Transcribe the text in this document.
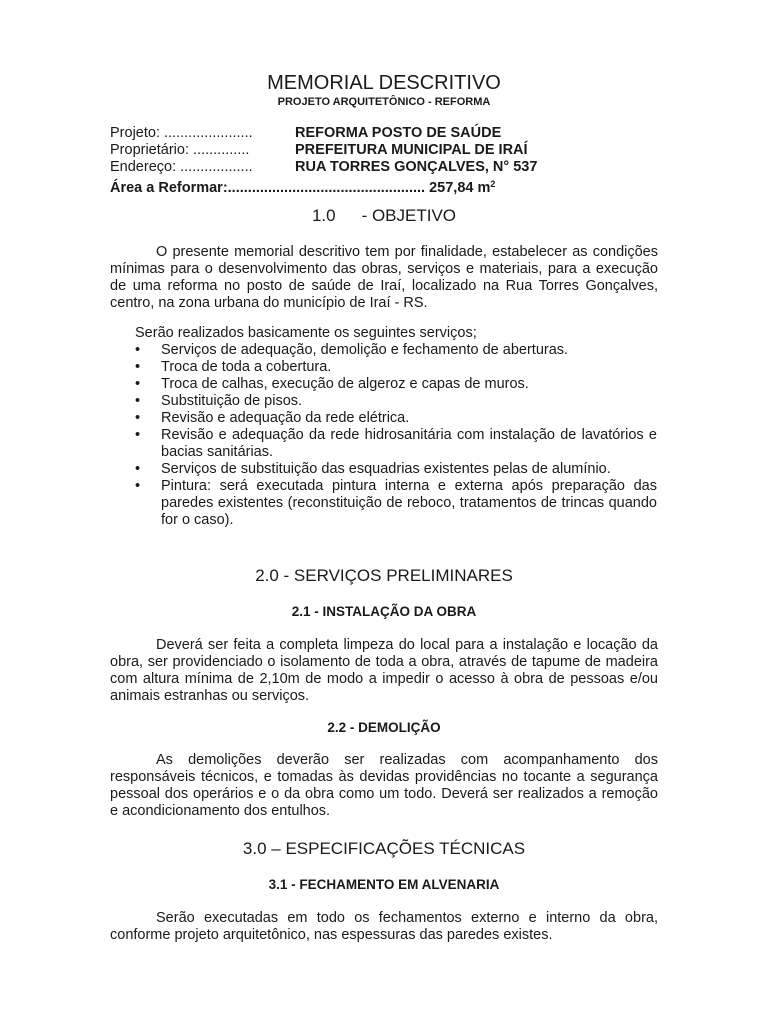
MEMORIAL DESCRITIVO
PROJETO ARQUITETÔNICO - REFORMA
Projeto: ......................	REFORMA POSTO DE SAÚDE
Proprietário: ..............	PREFEITURA MUNICIPAL DE IRAÍ
Endereço: ..................	RUA TORRES GONÇALVES, N° 537
Área a Reformar:................................................. 257,84 $m^2$
1.0 - OBJETIVO
O presente memorial descritivo tem por finalidade, estabelecer as condições
mínimas para o desenvolvimento das obras, serviços e materiais, para a execução
de uma reforma no posto de saúde de Iraí, localizado na Rua Torres Gonçalves,
centro, na zona urbana do município de Iraí - RS.
Serão realizados basicamente os seguintes serviços;
• Serviços de adequação, demolição e fechamento de aberturas.
• Troca de toda a cobertura.
• Troca de calhas, execução de algeroz e capas de muros.
• Substituição de pisos.
• Revisão e adequação da rede elétrica.
• Revisão e adequação da rede hidrosanitária com instalação de lavatórios e bacias sanitárias.
• Serviços de substituição das esquadrias existentes pelas de alumínio.
• Pintura: será executada pintura interna e externa após preparação das paredes existentes (reconstituição de reboco, tratamentos de trincas quando for o caso).
2.0 - SERVIÇOS PRELIMINARES
2.1 - INSTALAÇÃO DA OBRA
Deverá ser feita a completa limpeza do local para a instalação e locação da
obra, ser providenciado o isolamento de toda a obra, através de tapume de madeira
com altura mínima de 2,10m de modo a impedir o acesso à obra de pessoas e/ou
animais estranhas ou serviços.
2.2 - DEMOLIÇÃO
As demolições deverão ser realizadas com acompanhamento dos
responsáveis técnicos, e tomadas às devidas providências no tocante a segurança
pessoal dos operários e o da obra como um todo. Deverá ser realizados a remoção
e acondicionamento dos entulhos.
3.0 – ESPECIFICAÇÕES TÉCNICAS
3.1 - FECHAMENTO EM ALVENARIA
Serão executadas em todo os fechamentos externo e interno da obra,
conforme projeto arquitetônico, nas espessuras das paredes existes.
